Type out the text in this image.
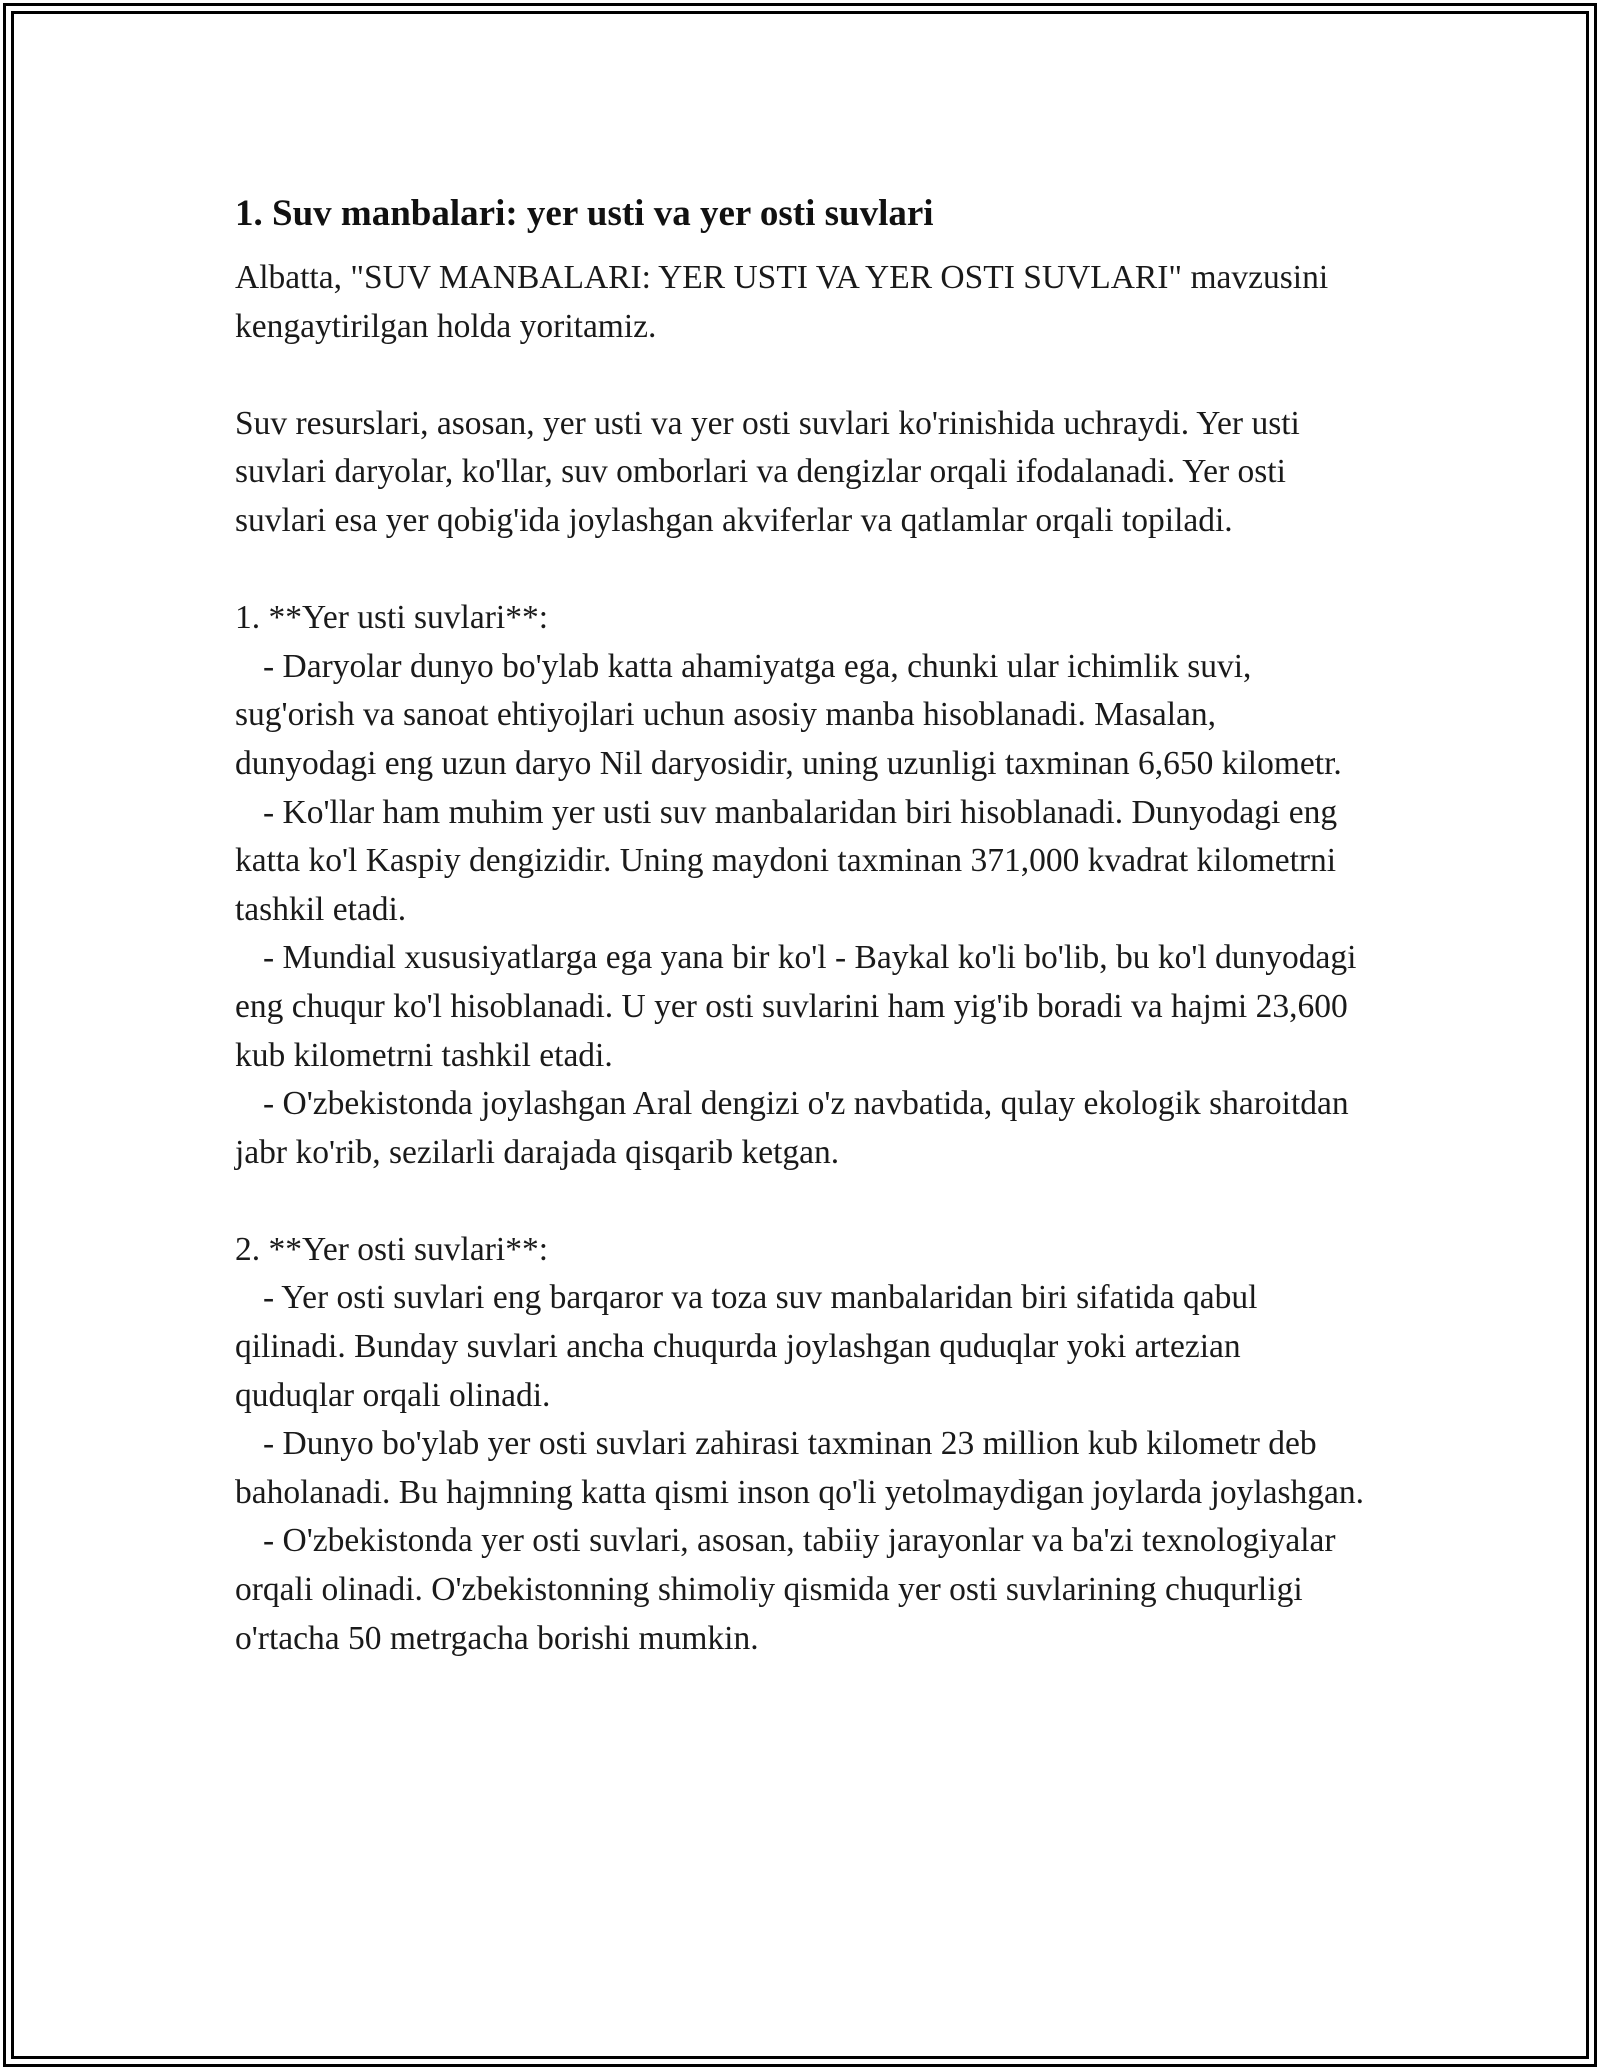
1. Suv manbalari: yer usti va yer osti suvlari

Albatta, "SUV MANBALARI: YER USTI VA YER OSTI SUVLARI" mavzusini kengaytirilgan holda yoritamiz.

Suv resurslari, asosan, yer usti va yer osti suvlari ko'rinishida uchraydi. Yer usti suvlari daryolar, ko'llar, suv omborlari va dengizlar orqali ifodalanadi. Yer osti suvlari esa yer qobig'ida joylashgan akviferlar va qatlamlar orqali topiladi.

1. **Yer usti suvlari**:

- Daryolar dunyo bo'ylab katta ahamiyatga ega, chunki ular ichimlik suvi, sug'orish va sanoat ehtiyojlari uchun asosiy manba hisoblanadi. Masalan, dunyodagi eng uzun daryo Nil daryosidir, uning uzunligi taxminan 6,650 kilometr.

- Ko'llar ham muhim yer usti suv manbalaridan biri hisoblanadi. Dunyodagi eng katta ko'l Kaspiy dengizidir. Uning maydoni taxminan 371,000 kvadrat kilometrni tashkil etadi.

- Mundial xususiyatlarga ega yana bir ko'l - Baykal ko'li bo'lib, bu ko'l dunyodagi eng chuqur ko'l hisoblanadi. U yer osti suvlarini ham yig'ib boradi va hajmi 23,600 kub kilometrni tashkil etadi.

- O'zbekistonda joylashgan Aral dengizi o'z navbatida, qulay ekologik sharoitdan jabr ko'rib, sezilarli darajada qisqarib ketgan.

2. **Yer osti suvlari**:

- Yer osti suvlari eng barqaror va toza suv manbalaridan biri sifatida qabul qilinadi. Bunday suvlari ancha chuqurda joylashgan quduqlar yoki artezian quduqlar orqali olinadi.

- Dunyo bo'ylab yer osti suvlari zahirasi taxminan 23 million kub kilometr deb baholanadi. Bu hajmning katta qismi inson qo'li yetolmaydigan joylarda joylashgan.

- O'zbekistonda yer osti suvlari, asosan, tabiiy jarayonlar va ba'zi texnologiyalar orqali olinadi. O'zbekistonning shimoliy qismida yer osti suvlarining chuqurligi o'rtacha 50 metrgacha borishi mumkin.
